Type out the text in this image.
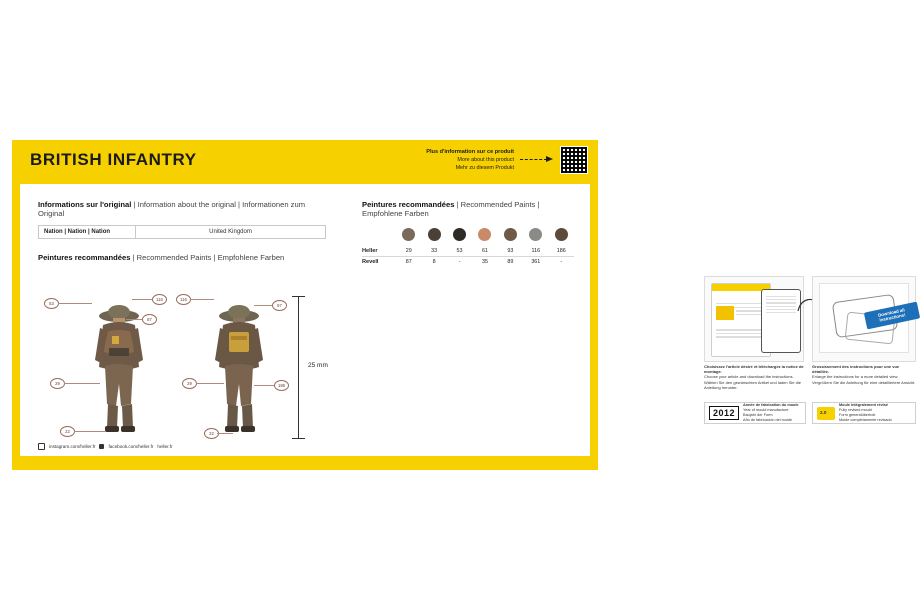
BRITISH INFANTRY	Plus d'information sur ce produit
More about this product
Mehr zu diesem Produkt
Informations sur l'original | Information about the original | Informationen zum Original
Nation | Nation | Nation	United Kingdom
Peintures recommandées | Recommended Paints | Empfohlene Farben
53
116
87
29
22
116
57
29	186
22
25 mm
Peintures recommandées | Recommended Paints | Empfohlene Farben

Heller	29	33	53	61	93	116	186
Revell	87	8	-	35	89	361	-
Download all instructions!
Choisissez l'article désiré et téléchargez la notice de montage.
Choose your article and download the instructions.
Wählen Sie den gewünschten Artikel und laden Sie die Anleitung herunter.
Grossissement des instructions pour une vue détaillée.
Enlarge the instructions for a more detailed view.
Vergrößern Sie die Anleitung für eine detailliertere Ansicht.
2012
Année de fabrication du moule
Year of mould manufacture
Baujahr der Form
Año de fabricación del molde
2.0
Moule intégralement révisé
Fully revised mould
Form generalüberholt
Molde completamente revisado
instagram.com/heller.fr	facebook.com/heller.fr heller.fr
